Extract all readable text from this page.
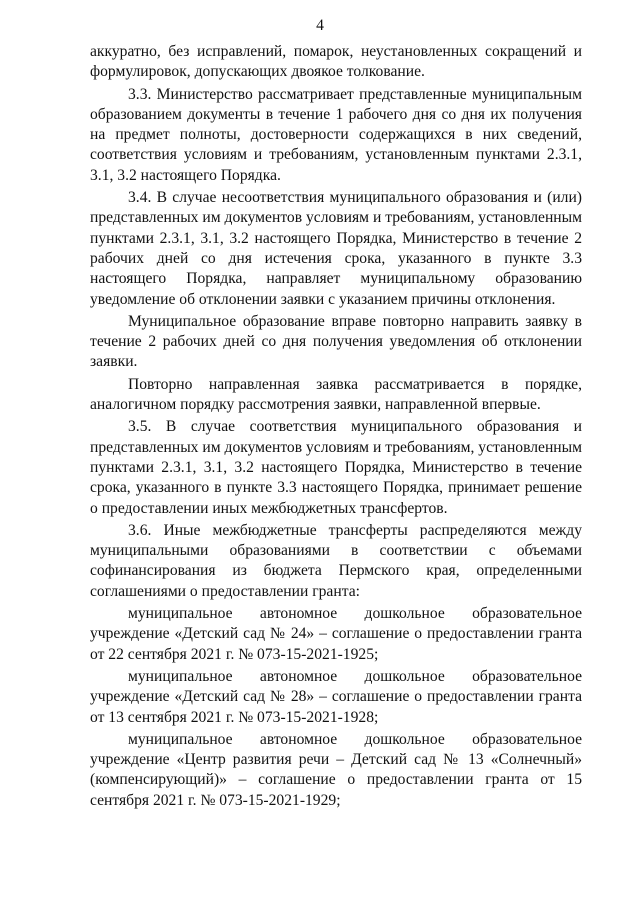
4

аккуратно, без исправлений, помарок, неустановленных сокращений и формулировок, допускающих двоякое толкование.

3.3. Министерство рассматривает представленные муниципальным образованием документы в течение 1 рабочего дня со дня их получения на предмет полноты, достоверности содержащихся в них сведений, соответствия условиям и требованиям, установленным пунктами 2.3.1, 3.1, 3.2 настоящего Порядка.

3.4. В случае несоответствия муниципального образования и (или) представленных им документов условиям и требованиям, установленным пунктами 2.3.1, 3.1, 3.2 настоящего Порядка, Министерство в течение 2 рабочих дней со дня истечения срока, указанного в пункте 3.3 настоящего Порядка, направляет муниципальному образованию уведомление об отклонении заявки с указанием причины отклонения.

Муниципальное образование вправе повторно направить заявку в течение 2 рабочих дней со дня получения уведомления об отклонении заявки.

Повторно направленная заявка рассматривается в порядке, аналогичном порядку рассмотрения заявки, направленной впервые.

3.5. В случае соответствия муниципального образования и представленных им документов условиям и требованиям, установленным пунктами 2.3.1, 3.1, 3.2 настоящего Порядка, Министерство в течение срока, указанного в пункте 3.3 настоящего Порядка, принимает решение о предоставлении иных межбюджетных трансфертов.

3.6. Иные межбюджетные трансферты распределяются между муниципальными образованиями в соответствии с объемами софинансирования из бюджета Пермского края, определенными соглашениями о предоставлении гранта:

муниципальное автономное дошкольное образовательное учреждение «Детский сад № 24» – соглашение о предоставлении гранта от 22 сентября 2021 г. № 073-15-2021-1925;

муниципальное автономное дошкольное образовательное учреждение «Детский сад № 28» – соглашение о предоставлении гранта от 13 сентября 2021 г. № 073-15-2021-1928;

муниципальное автономное дошкольное образовательное учреждение «Центр развития речи – Детский сад № 13 «Солнечный» (компенсирующий)» – соглашение о предоставлении гранта от 15 сентября 2021 г. № 073-15-2021-1929;
